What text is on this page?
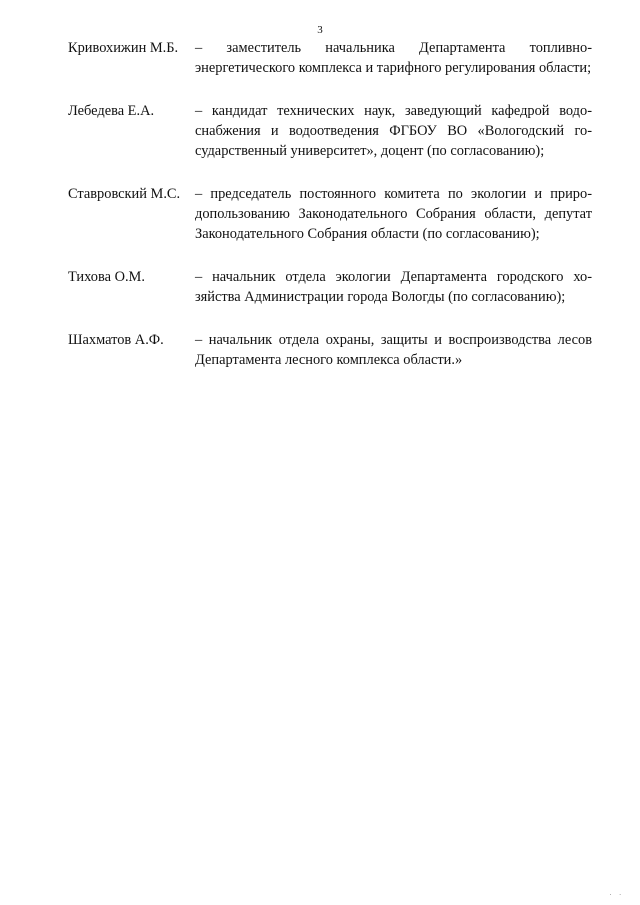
3
Кривохижин М.Б.	– заместитель начальника Департамента топливно-энергетического комплекса и тарифного регулирования области;
Лебедева Е.А.	– кандидат технических наук, заведующий кафедрой водоснабжения и водоотведения ФГБОУ ВО «Вологодский государственный университет», доцент (по согласованию);
Ставровский М.С.	– председатель постоянного комитета по экологии и природопользованию Законодательного Собрания области, депутат Законодательного Собрания области (по согласованию);
Тихова О.М.	– начальник отдела экологии Департамента городского хозяйства Администрации города Вологды (по согласованию);
Шахматов А.Ф.	– начальник отдела охраны, защиты и воспроизводства лесов Департамента лесного комплекса области.»
. .
